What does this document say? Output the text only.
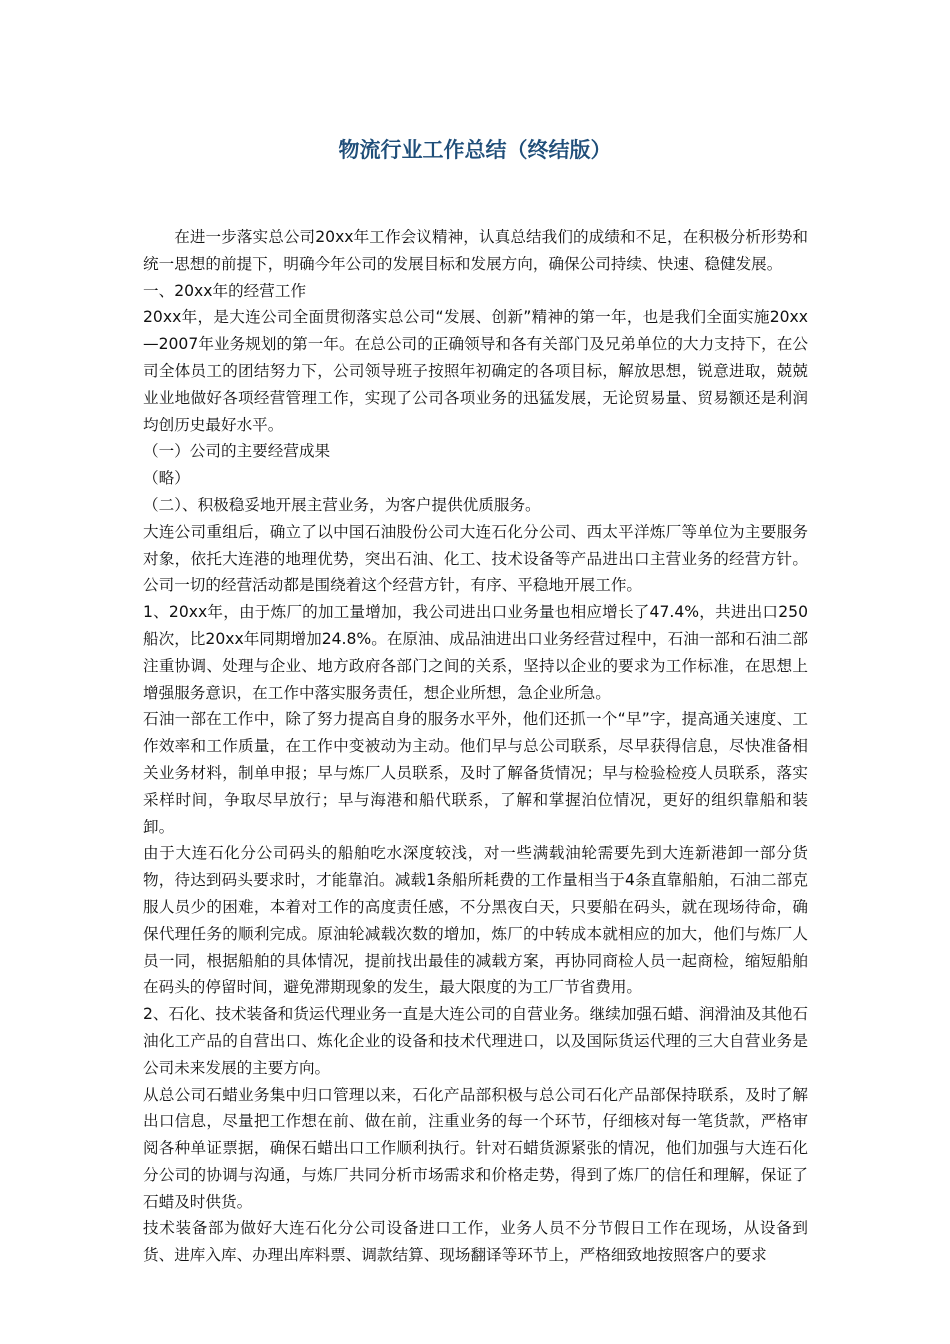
物流行业工作总结（终结版）

在进一步落实总公司20xx年工作会议精神，认真总结我们的成绩和不足，在积极分析形势和统一思想的前提下，明确今年公司的发展目标和发展方向，确保公司持续、快速、稳健发展。

一、20xx年的经营工作

20xx年，是大连公司全面贯彻落实总公司“发展、创新”精神的第一年，也是我们全面实施20xx—2007年业务规划的第一年。在总公司的正确领导和各有关部门及兄弟单位的大力支持下，在公司全体员工的团结努力下，公司领导班子按照年初确定的各项目标，解放思想，锐意进取，兢兢业业地做好各项经营管理工作，实现了公司各项业务的迅猛发展，无论贸易量、贸易额还是利润均创历史最好水平。

（一）公司的主要经营成果

（略）

（二）、积极稳妥地开展主营业务，为客户提供优质服务。

大连公司重组后，确立了以中国石油股份公司大连石化分公司、西太平洋炼厂等单位为主要服务对象，依托大连港的地理优势，突出石油、化工、技术设备等产品进出口主营业务的经营方针。公司一切的经营活动都是围绕着这个经营方针，有序、平稳地开展工作。

1、20xx年，由于炼厂的加工量增加，我公司进出口业务量也相应增长了47.4%，共进出口250船次，比20xx年同期增加24.8%。在原油、成品油进出口业务经营过程中，石油一部和石油二部注重协调、处理与企业、地方政府各部门之间的关系，坚持以企业的要求为工作标准，在思想上增强服务意识，在工作中落实服务责任，想企业所想，急企业所急。

石油一部在工作中，除了努力提高自身的服务水平外，他们还抓一个“早”字，提高通关速度、工作效率和工作质量，在工作中变被动为主动。他们早与总公司联系，尽早获得信息，尽快准备相关业务材料，制单申报；早与炼厂人员联系，及时了解备货情况；早与检验检疫人员联系，落实采样时间，争取尽早放行；早与海港和船代联系，了解和掌握泊位情况，更好的组织靠船和装卸。

由于大连石化分公司码头的船舶吃水深度较浅，对一些满载油轮需要先到大连新港卸一部分货物，待达到码头要求时，才能靠泊。减载1条船所耗费的工作量相当于4条直靠船舶，石油二部克服人员少的困难，本着对工作的高度责任感，不分黑夜白天，只要船在码头，就在现场待命，确保代理任务的顺利完成。原油轮减载次数的增加，炼厂的中转成本就相应的加大，他们与炼厂人员一同，根据船舶的具体情况，提前找出最佳的减载方案，再协同商检人员一起商检，缩短船舶在码头的停留时间，避免滞期现象的发生，最大限度的为工厂节省费用。

2、石化、技术装备和货运代理业务一直是大连公司的自营业务。继续加强石蜡、润滑油及其他石油化工产品的自营出口、炼化企业的设备和技术代理进口，以及国际货运代理的三大自营业务是公司未来发展的主要方向。

从总公司石蜡业务集中归口管理以来，石化产品部积极与总公司石化产品部保持联系，及时了解出口信息，尽量把工作想在前、做在前，注重业务的每一个环节，仔细核对每一笔货款，严格审阅各种单证票据，确保石蜡出口工作顺利执行。针对石蜡货源紧张的情况，他们加强与大连石化分公司的协调与沟通，与炼厂共同分析市场需求和价格走势，得到了炼厂的信任和理解，保证了石蜡及时供货。

技术装备部为做好大连石化分公司设备进口工作，业务人员不分节假日工作在现场，从设备到货、进库入库、办理出库料票、调款结算、现场翻译等环节上，严格细致地按照客户的要求
